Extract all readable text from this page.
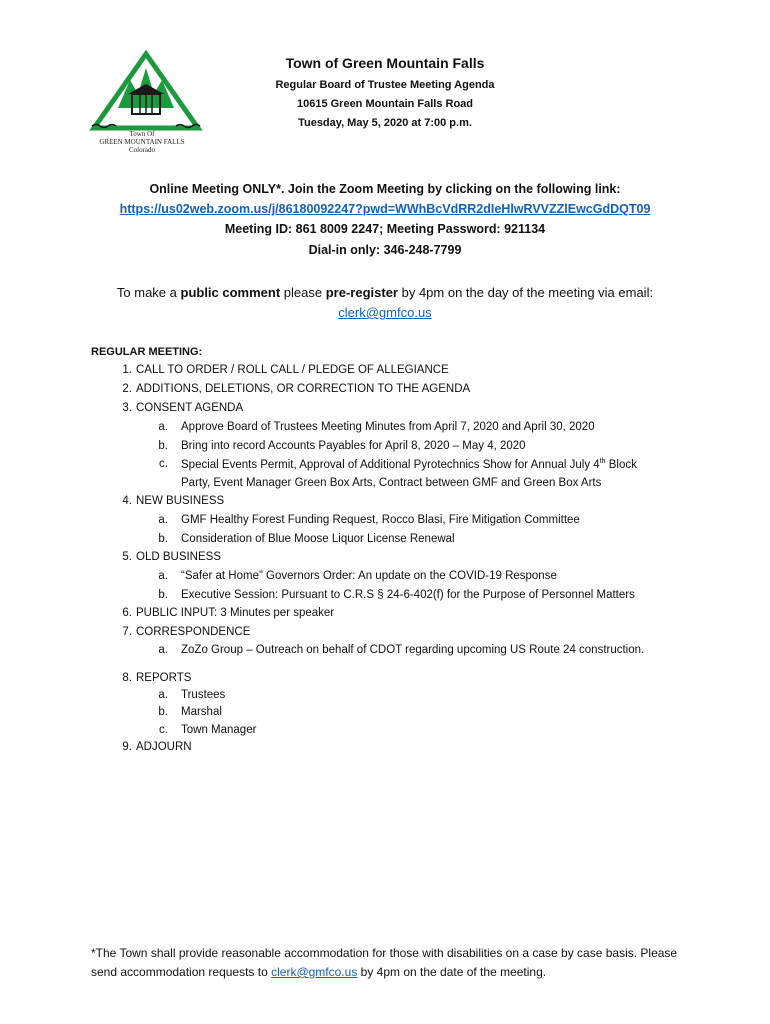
Town Of
GREEN MOUNTAIN FALLS
Colorado
Town of Green Mountain Falls
Regular Board of Trustee Meeting Agenda
10615 Green Mountain Falls Road
Tuesday, May 5, 2020 at 7:00 p.m.
Online Meeting ONLY*. Join the Zoom Meeting by clicking on the following link:
https://us02web.zoom.us/j/86180092247?pwd=WWhBcVdRR2dIeHlwRVVZZlEwcGdDQT09
Meeting ID: 861 8009 2247; Meeting Password: 921134
Dial-in only: 346-248-7799
To make a public comment please pre-register by 4pm on the day of the meeting via email:
clerk@gmfco.us
REGULAR MEETING:
1. CALL TO ORDER / ROLL CALL / PLEDGE OF ALLEGIANCE
2. ADDITIONS, DELETIONS, OR CORRECTION TO THE AGENDA
3. CONSENT AGENDA
a. Approve Board of Trustees Meeting Minutes from April 7, 2020 and April 30, 2020
b. Bring into record Accounts Payables for April 8, 2020 – May 4, 2020
c.
Party, Event Manager Green Box Arts, Contract between GMF and Green Box Arts
Special Events Permit, Approval of Additional Pyrotechnics Show for Annual July 4th Block
4. NEW BUSINESS
a. GMF Healthy Forest Funding Request, Rocco Blasi, Fire Mitigation Committee
b. Consideration of Blue Moose Liquor License Renewal
5. OLD BUSINESS
a. “Safer at Home” Governors Order: An update on the COVID-19 Response
b. Executive Session: Pursuant to C.R.S § 24-6-402(f) for the Purpose of Personnel Matters
6. PUBLIC INPUT: 3 Minutes per speaker
7. CORRESPONDENCE
a. ZoZo Group – Outreach on behalf of CDOT regarding upcoming US Route 24 construction.
8. REPORTS
a. Trustees
b. Marshal
c. Town Manager
9. ADJOURN
*The Town shall provide reasonable accommodation for those with disabilities on a case by case basis. Please
send accommodation requests to clerk@gmfco.us by 4pm on the date of the meeting.
